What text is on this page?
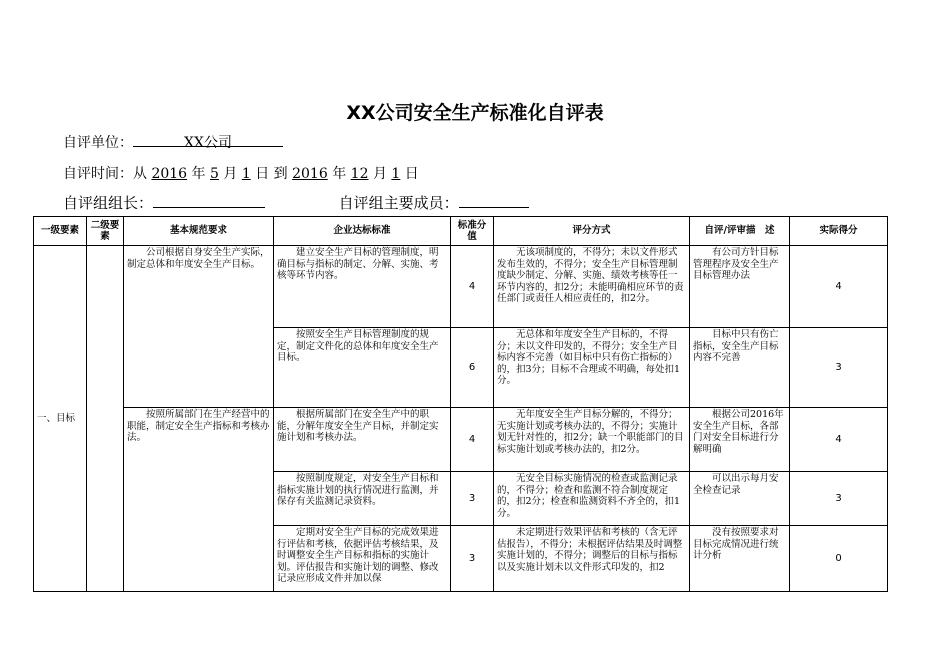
XX公司安全生产标准化自评表
自评单位：	XX公司
自评时间：从 2016 年 5 月 1 日 到 2016 年 12 月 1 日
自评组组长：	自评组主要成员：
一级要素	二级要素	基本规范要求	企业达标标准	标准分值	评分方式	自评/评审描　述	实际得分
一、目标		公司根据自身安全生产实际，制定总体和年度安全生产目标。	建立安全生产目标的管理制度，明确目标与指标的制定、分解、实施、考核等环节内容。	4	无该项制度的，不得分；未以文件形式发布生效的，不得分；安全生产目标管理制度缺少制定、分解、实施、绩效考核等任一环节内容的，扣2分；未能明确相应环节的责任部门或责任人相应责任的，扣2分。	有公司方针目标管理程序及安全生产目标管理办法	4
			按照安全生产目标管理制度的规定，制定文件化的总体和年度安全生产目标。	6	无总体和年度安全生产目标的，不得分；未以文件印发的，不得分；安全生产目标内容不完善（如目标中只有伤亡指标的）的，扣3分；目标不合理或不明确，每处扣1分。	目标中只有伤亡指标，安全生产目标内容不完善	3
		按照所属部门在生产经营中的职能，制定安全生产指标和考核办法。	根据所属部门在安全生产中的职能，分解年度安全生产目标，并制定实施计划和考核办法。	4	无年度安全生产目标分解的，不得分；无实施计划或考核办法的，不得分；实施计划无针对性的，扣2分；缺一个职能部门的目标实施计划或考核办法的，扣2分。	根据公司2016年安全生产目标，各部门对安全目标进行分解明确	4
			按照制度规定，对安全生产目标和指标实施计划的执行情况进行监测，并保存有关监测记录资料。	3	无安全目标实施情况的检查或监测记录的，不得分；检查和监测不符合制度规定的，扣2分；检查和监测资料不齐全的，扣1分。	可以出示每月安全检查记录	3
			定期对安全生产目标的完成效果进行评估和考核，依据评估考核结果，及时调整安全生产目标和指标的实施计划。评估报告和实施计划的调整、修改记录应形成文件并加以保	3	未定期进行效果评估和考核的（含无评估报告），不得分；未根据评估结果及时调整实施计划的，不得分；调整后的目标与指标以及实施计划未以文件形式印发的，扣2	没有按照要求对目标完成情况进行统计分析	0
